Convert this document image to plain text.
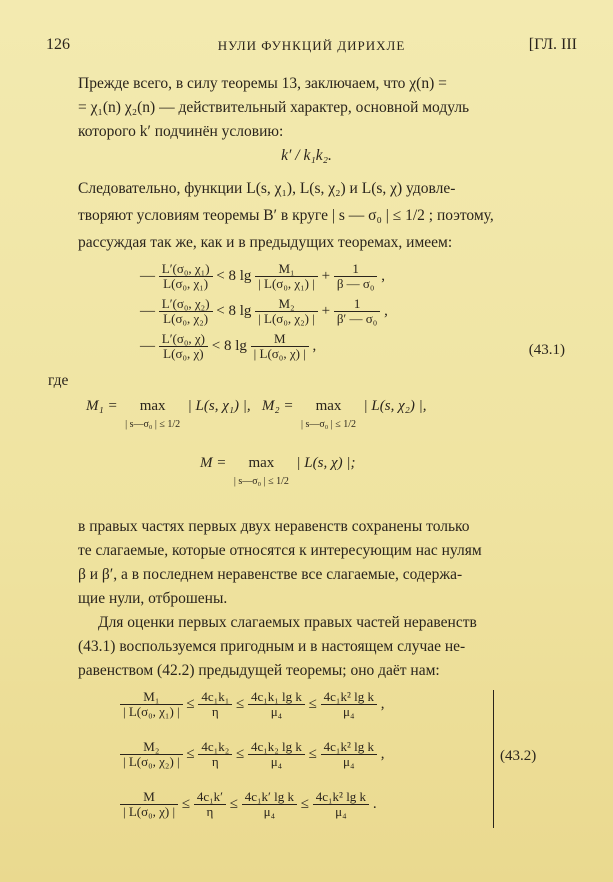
126	НУЛИ ФУНКЦИЙ ДИРИХЛЕ	[ГЛ. III
Прежде всего, в силу теоремы 13, заключаем, что χ(n) =
= χ₁(n) χ₂(n) — действительный характер, основной модуль
которого k′ подчинён условию:
k′ / k₁k₂.
Следовательно, функции L(s, χ₁), L(s, χ₂) и L(s, χ) удовле-
творяют условиям теоремы B′ в круге | s — σ₀ | ≤ 1/2 ; поэтому,
рассуждая так же, как и в предыдущих теоремах, имеем:
— $\frac{\text{L′(σ₀, χ₁)}}{\text{L(σ₀, χ₁)}} < 8$ $\lg \frac{\text{M₁}}{\text{| L(σ₀, χ₁) |}} + \frac{1}{\text{β — σ₀}}$ ,
— $\frac{\text{L′(σ₀, χ₂)}}{\text{L(σ₀, χ₂)}} < 8$ $\lg \frac{\text{M₂}}{\text{| L(σ₀, χ₂) |}} + \frac{1}{\text{β′ — σ₀}}$ ,
— $\frac{\text{L′(σ₀, χ)}}{\text{L(σ₀, χ)}} < 8$ $\lg \frac{M}{\text{| L(σ₀, χ) |}}$ ,	(43.1)
где
M₁ = max
| s—σ₀ | ≤ 1/2  | L(s, χ₁) |, M₂ = max
| s—σ₀ | ≤ 1/2  | L(s, χ₂) |,
M = max
| s—σ₀ | ≤ 1/2  | L(s, χ) |;
в правых частях первых двух неравенств сохранены только
те слагаемые, которые относятся к интересующим нас нулям
β и β′, а в последнем неравенстве все слагаемые, содержа-
щие нули, отброшены.
Для оценки первых слагаемых правых частей неравенств
(43.1) воспользуемся пригодным и в настоящем случае не-
равенством (42.2) предыдущей теоремы; оно даёт нам:
$\frac{\text{M₁}}{\text{| L(σ₀, χ₁) |}} \le \frac{\text{4c₁k₁}}{\eta} \le \frac{\text{4c₁k₁ lg k}}{\text{μ₄}} \le \frac{\text{4c₁k² lg k}}{\text{μ₄}}$ ,
$\frac{\text{M₂}}{\text{| L(σ₀, χ₂) |}} \le \frac{\text{4c₁k₂}}{\eta} \le \frac{\text{4c₁k₂ lg k}}{\text{μ₄}} \le \frac{\text{4c₁k² lg k}}{\text{μ₄}}$ ,
$\frac{M}{\text{| L(σ₀, χ) |}} \le \frac{\text{4c₁k′}}{\eta} \le \frac{\text{4c₁k′ lg k}}{\text{μ₄}} \le \frac{\text{4c₁k² lg k}}{\text{μ₄}}$ .
(43.2)
